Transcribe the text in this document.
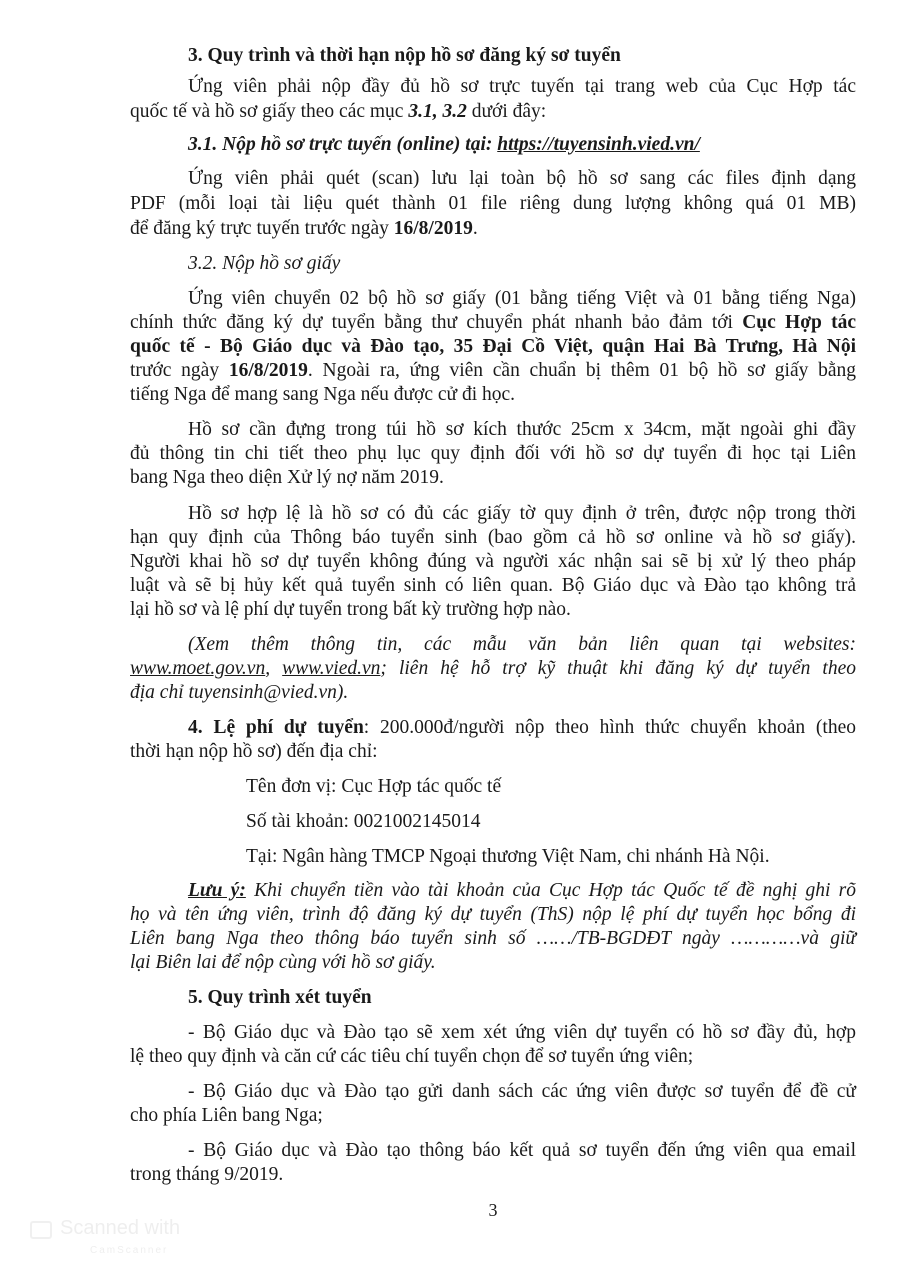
3. Quy trình và thời hạn nộp hồ sơ đăng ký sơ tuyển
Ứng viên phải nộp đầy đủ hồ sơ trực tuyến tại trang web của Cục Hợp tác
quốc tế và hồ sơ giấy theo các mục 3.1, 3.2 dưới đây:
3.1. Nộp hồ sơ trực tuyến (online) tại: https://tuyensinh.vied.vn/
Ứng viên phải quét (scan) lưu lại toàn bộ hồ sơ sang các files định dạng
PDF (mỗi loại tài liệu quét thành 01 file riêng dung lượng không quá 01 MB)
để đăng ký trực tuyến trước ngày 16/8/2019.
3.2. Nộp hồ sơ giấy
Ứng viên chuyển 02 bộ hồ sơ giấy (01 bằng tiếng Việt và 01 bằng tiếng Nga)
chính thức đăng ký dự tuyển bằng thư chuyển phát nhanh bảo đảm tới Cục Hợp tác
quốc tế - Bộ Giáo dục và Đào tạo, 35 Đại Cồ Việt, quận Hai Bà Trưng, Hà Nội
trước ngày 16/8/2019. Ngoài ra, ứng viên cần chuẩn bị thêm 01 bộ hồ sơ giấy bằng
tiếng Nga để mang sang Nga nếu được cử đi học.
Hồ sơ cần đựng trong túi hồ sơ kích thước 25cm x 34cm, mặt ngoài ghi đầy
đủ thông tin chi tiết theo phụ lục quy định đối với hồ sơ dự tuyển đi học tại Liên
bang Nga theo diện Xử lý nợ năm 2019.
Hồ sơ hợp lệ là hồ sơ có đủ các giấy tờ quy định ở trên, được nộp trong thời
hạn quy định của Thông báo tuyển sinh (bao gồm cả hồ sơ online và hồ sơ giấy).
Người khai hồ sơ dự tuyển không đúng và người xác nhận sai sẽ bị xử lý theo pháp
luật và sẽ bị hủy kết quả tuyển sinh có liên quan. Bộ Giáo dục và Đào tạo không trả
lại hồ sơ và lệ phí dự tuyển trong bất kỳ trường hợp nào.
(Xem thêm thông tin, các mẫu văn bản liên quan tại websites:
www.moet.gov.vn, www.vied.vn; liên hệ hỗ trợ kỹ thuật khi đăng ký dự tuyển theo
địa chỉ tuyensinh@vied.vn).
4. Lệ phí dự tuyển: 200.000đ/người nộp theo hình thức chuyển khoản (theo
thời hạn nộp hồ sơ) đến địa chỉ:
Tên đơn vị: Cục Hợp tác quốc tế
Số tài khoản: 0021002145014
Tại: Ngân hàng TMCP Ngoại thương Việt Nam, chi nhánh Hà Nội.
Lưu ý: Khi chuyển tiền vào tài khoản của Cục Hợp tác Quốc tế đề nghị ghi rõ
họ và tên ứng viên, trình độ đăng ký dự tuyển (ThS) nộp lệ phí dự tuyển học bổng đi
Liên bang Nga theo thông báo tuyển sinh số ……/TB-BGDĐT ngày …………và giữ
lại Biên lai để nộp cùng với hồ sơ giấy.
5. Quy trình xét tuyển
- Bộ Giáo dục và Đào tạo sẽ xem xét ứng viên dự tuyển có hồ sơ đầy đủ, hợp
lệ theo quy định và căn cứ các tiêu chí tuyển chọn để sơ tuyển ứng viên;
- Bộ Giáo dục và Đào tạo gửi danh sách các ứng viên được sơ tuyển để đề cử
cho phía Liên bang Nga;
- Bộ Giáo dục và Đào tạo thông báo kết quả sơ tuyển đến ứng viên qua email
trong tháng 9/2019.
3
Scanned with
CamScanner
